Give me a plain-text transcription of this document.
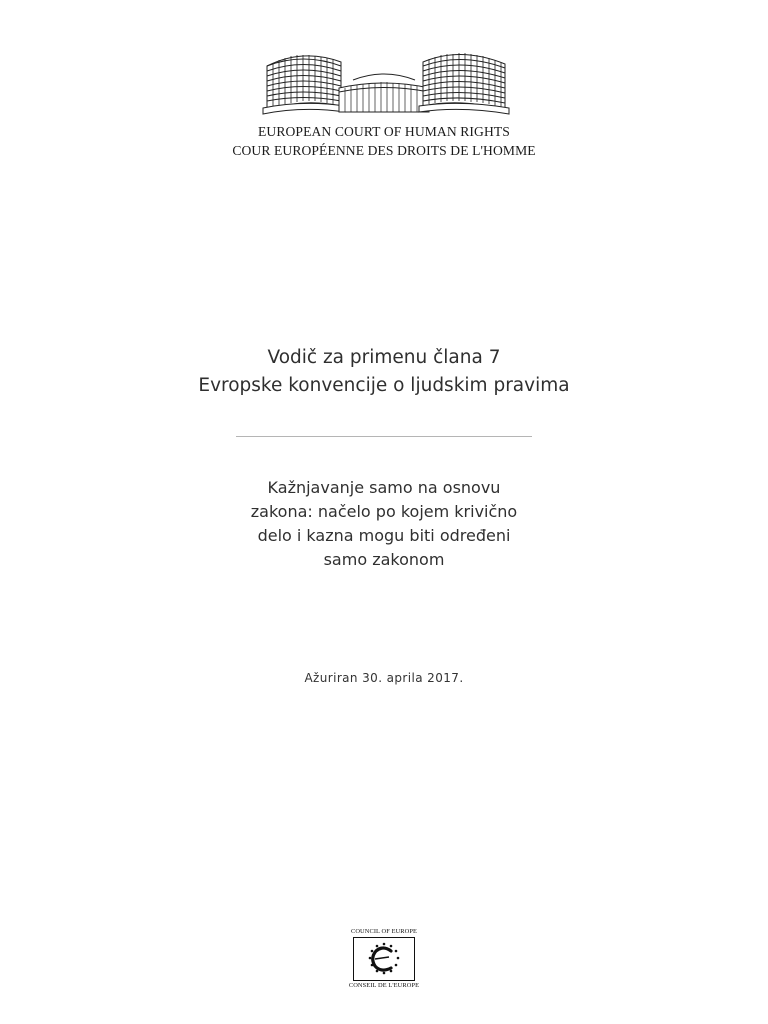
EUROPEAN COURT OF HUMAN RIGHTS

COUR EUROPÉENNE DES DROITS DE L'HOMME

Vodič za primenu člana 7

Evropske konvencije o ljudskim pravima

Kažnjavanje samo na osnovu

zakona: načelo po kojem krivično

delo i kazna mogu biti određeni

samo zakonom

Ažuriran 30. aprila 2017.

COUNCIL OF EUROPE

CONSEIL DE L'EUROPE
